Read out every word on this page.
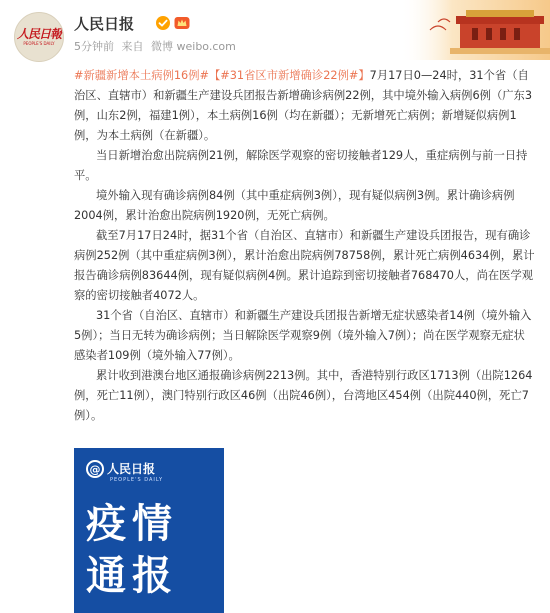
人民日報
PEOPLE'S DAILY
人民日报
5分钟前 来自 微博 weibo.com

#新疆新增本土病例16例#【#31省区市新增确诊22例#】7月17日0—24时，31个省（自治区、直辖市）和新疆生产建设兵团报告新增确诊病例22例，其中境外输入病例6例（广东3例，山东2例，福建1例），本土病例16例（均在新疆）；无新增死亡病例；新增疑似病例1例，为本土病例（在新疆）。

当日新增治愈出院病例21例，解除医学观察的密切接触者129人，重症病例与前一日持平。

境外输入现有确诊病例84例（其中重症病例3例），现有疑似病例3例。累计确诊病例2004例，累计治愈出院病例1920例，无死亡病例。

截至7月17日24时，据31个省（自治区、直辖市）和新疆生产建设兵团报告，现有确诊病例252例（其中重症病例3例），累计治愈出院病例78758例，累计死亡病例4634例，累计报告确诊病例83644例，现有疑似病例4例。累计追踪到密切接触者768470人，尚在医学观察的密切接触者4072人。

31个省（自治区、直辖市）和新疆生产建设兵团报告新增无症状感染者14例（境外输入5例）；当日无转为确诊病例；当日解除医学观察9例（境外输入7例）；尚在医学观察无症状感染者109例（境外输入77例）。

累计收到港澳台地区通报确诊病例2213例。其中，香港特别行政区1713例（出院1264例，死亡11例），澳门特别行政区46例（出院46例），台湾地区454例（出院440例，死亡7例）。

@ 人民日报
PEOPLE'S DAILY
疫情
通报
